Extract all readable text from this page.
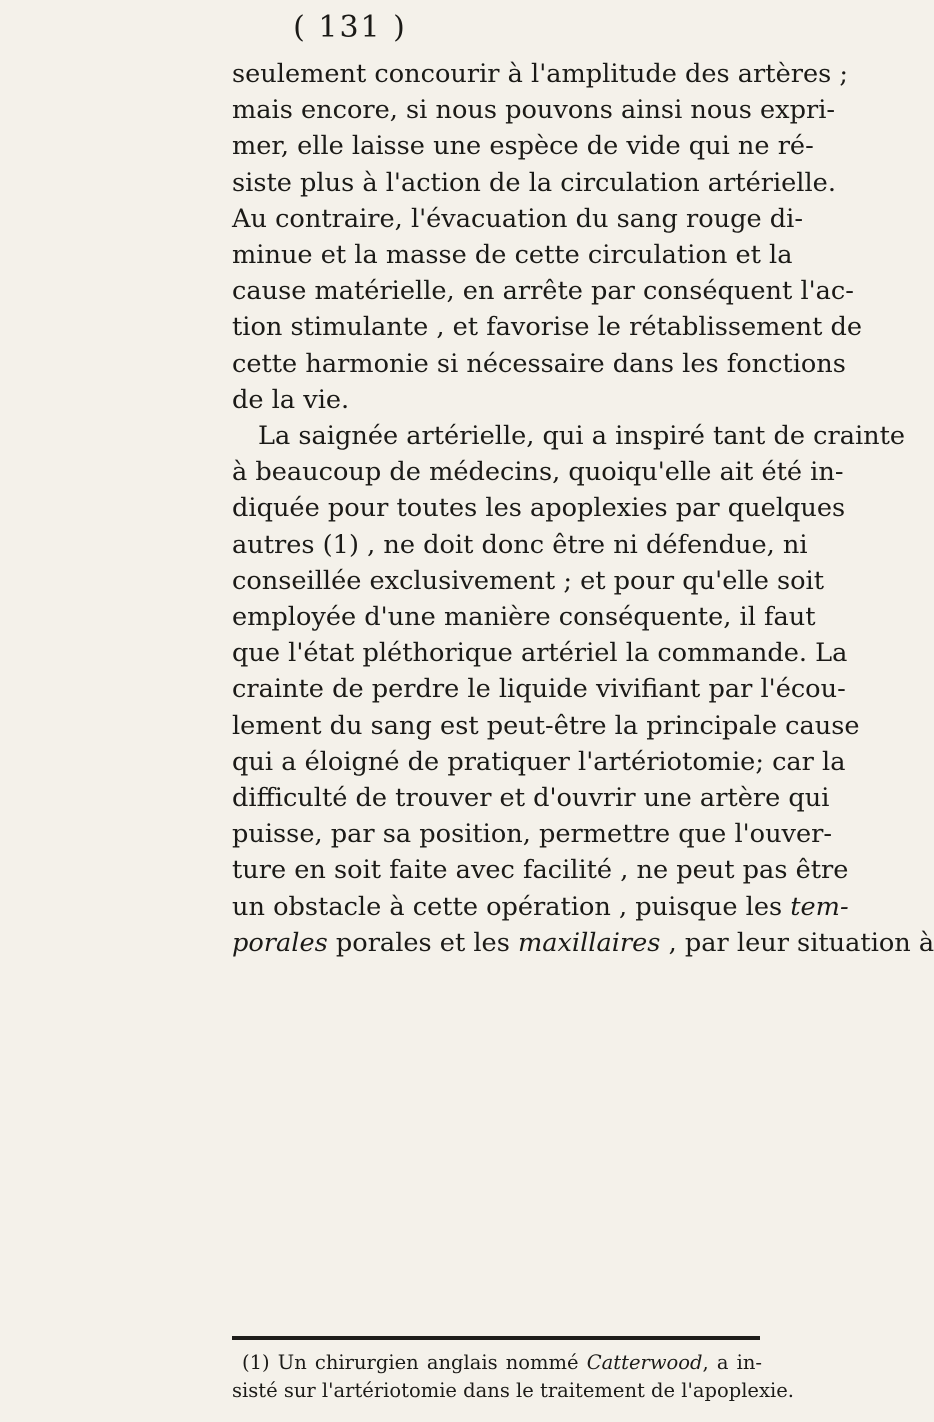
( 131 )
seulement concourir à l'amplitude des artères ;
mais encore, si nous pouvons ainsi nous expri-
mer, elle laisse une espèce de vide qui ne ré-
siste plus à l'action de la circulation artérielle.
Au contraire, l'évacuation du sang rouge di-
minue et la masse de cette circulation et la
cause matérielle, en arrête par conséquent l'ac-
tion stimulante , et favorise le rétablissement de
cette harmonie si nécessaire dans les fonctions
de la vie.
La saignée artérielle, qui a inspiré tant de crainte
à beaucoup de médecins, quoiqu'elle ait été in-
diquée pour toutes les apoplexies par quelques
autres (1) , ne doit donc être ni défendue, ni
conseillée exclusivement ; et pour qu'elle soit
employée d'une manière conséquente, il faut
que l'état pléthorique artériel la commande. La
crainte de perdre le liquide vivifiant par l'écou-
lement du sang est peut-être la principale cause
qui a éloigné de pratiquer l'artériotomie; car la
difficulté de trouver et d'ouvrir une artère qui
puisse, par sa position, permettre que l'ouver-
ture en soit faite avec facilité , ne peut pas être
un obstacle à cette opération , puisque les tem-
porales porales et les maxillaires , par leur situation à
(1) Un chirurgien anglais nommé Catterwood, a in-
sisté sur l'artériotomie dans le traitement de l'apoplexie.
